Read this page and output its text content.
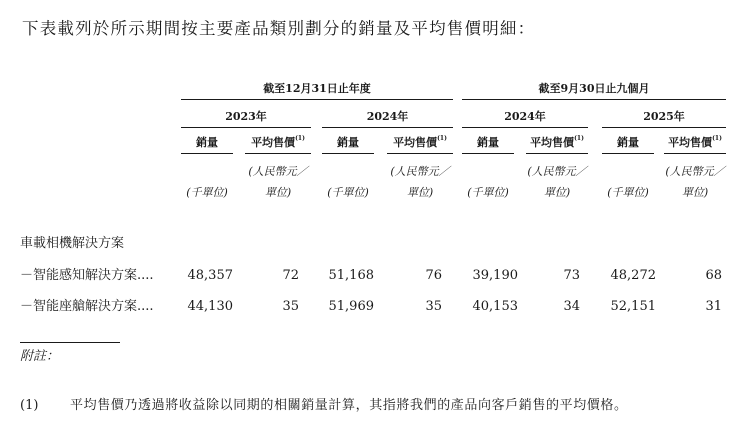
下表載列於所示期間按主要產品類別劃分的銷量及平均售價明細：
截至12月31日止年度	截至9月30日止九個月
2023年	2024年	2024年	2025年
銷量	平均售價$^{(1)}$	銷量	平均售價$^{(1)}$	銷量	平均售價$^{(1)}$	銷量	平均售價$^{(1)}$
(人民幣元／	(人民幣元／	(人民幣元／	(人民幣元／
(千單位)	單位)	(千單位)	單位)	(千單位)	單位)	(千單位)	單位)
車載相機解決方案
－智能感知解決方案....	48,357	72	51,168	76	39,190	73	48,272	68
－智能座艙解決方案....	44,130	35	51,969	35	40,153	34	52,151	31
附註：
(1) 平均售價乃透過將收益除以同期的相關銷量計算，其指將我們的產品向客戶銷售的平均價格。
